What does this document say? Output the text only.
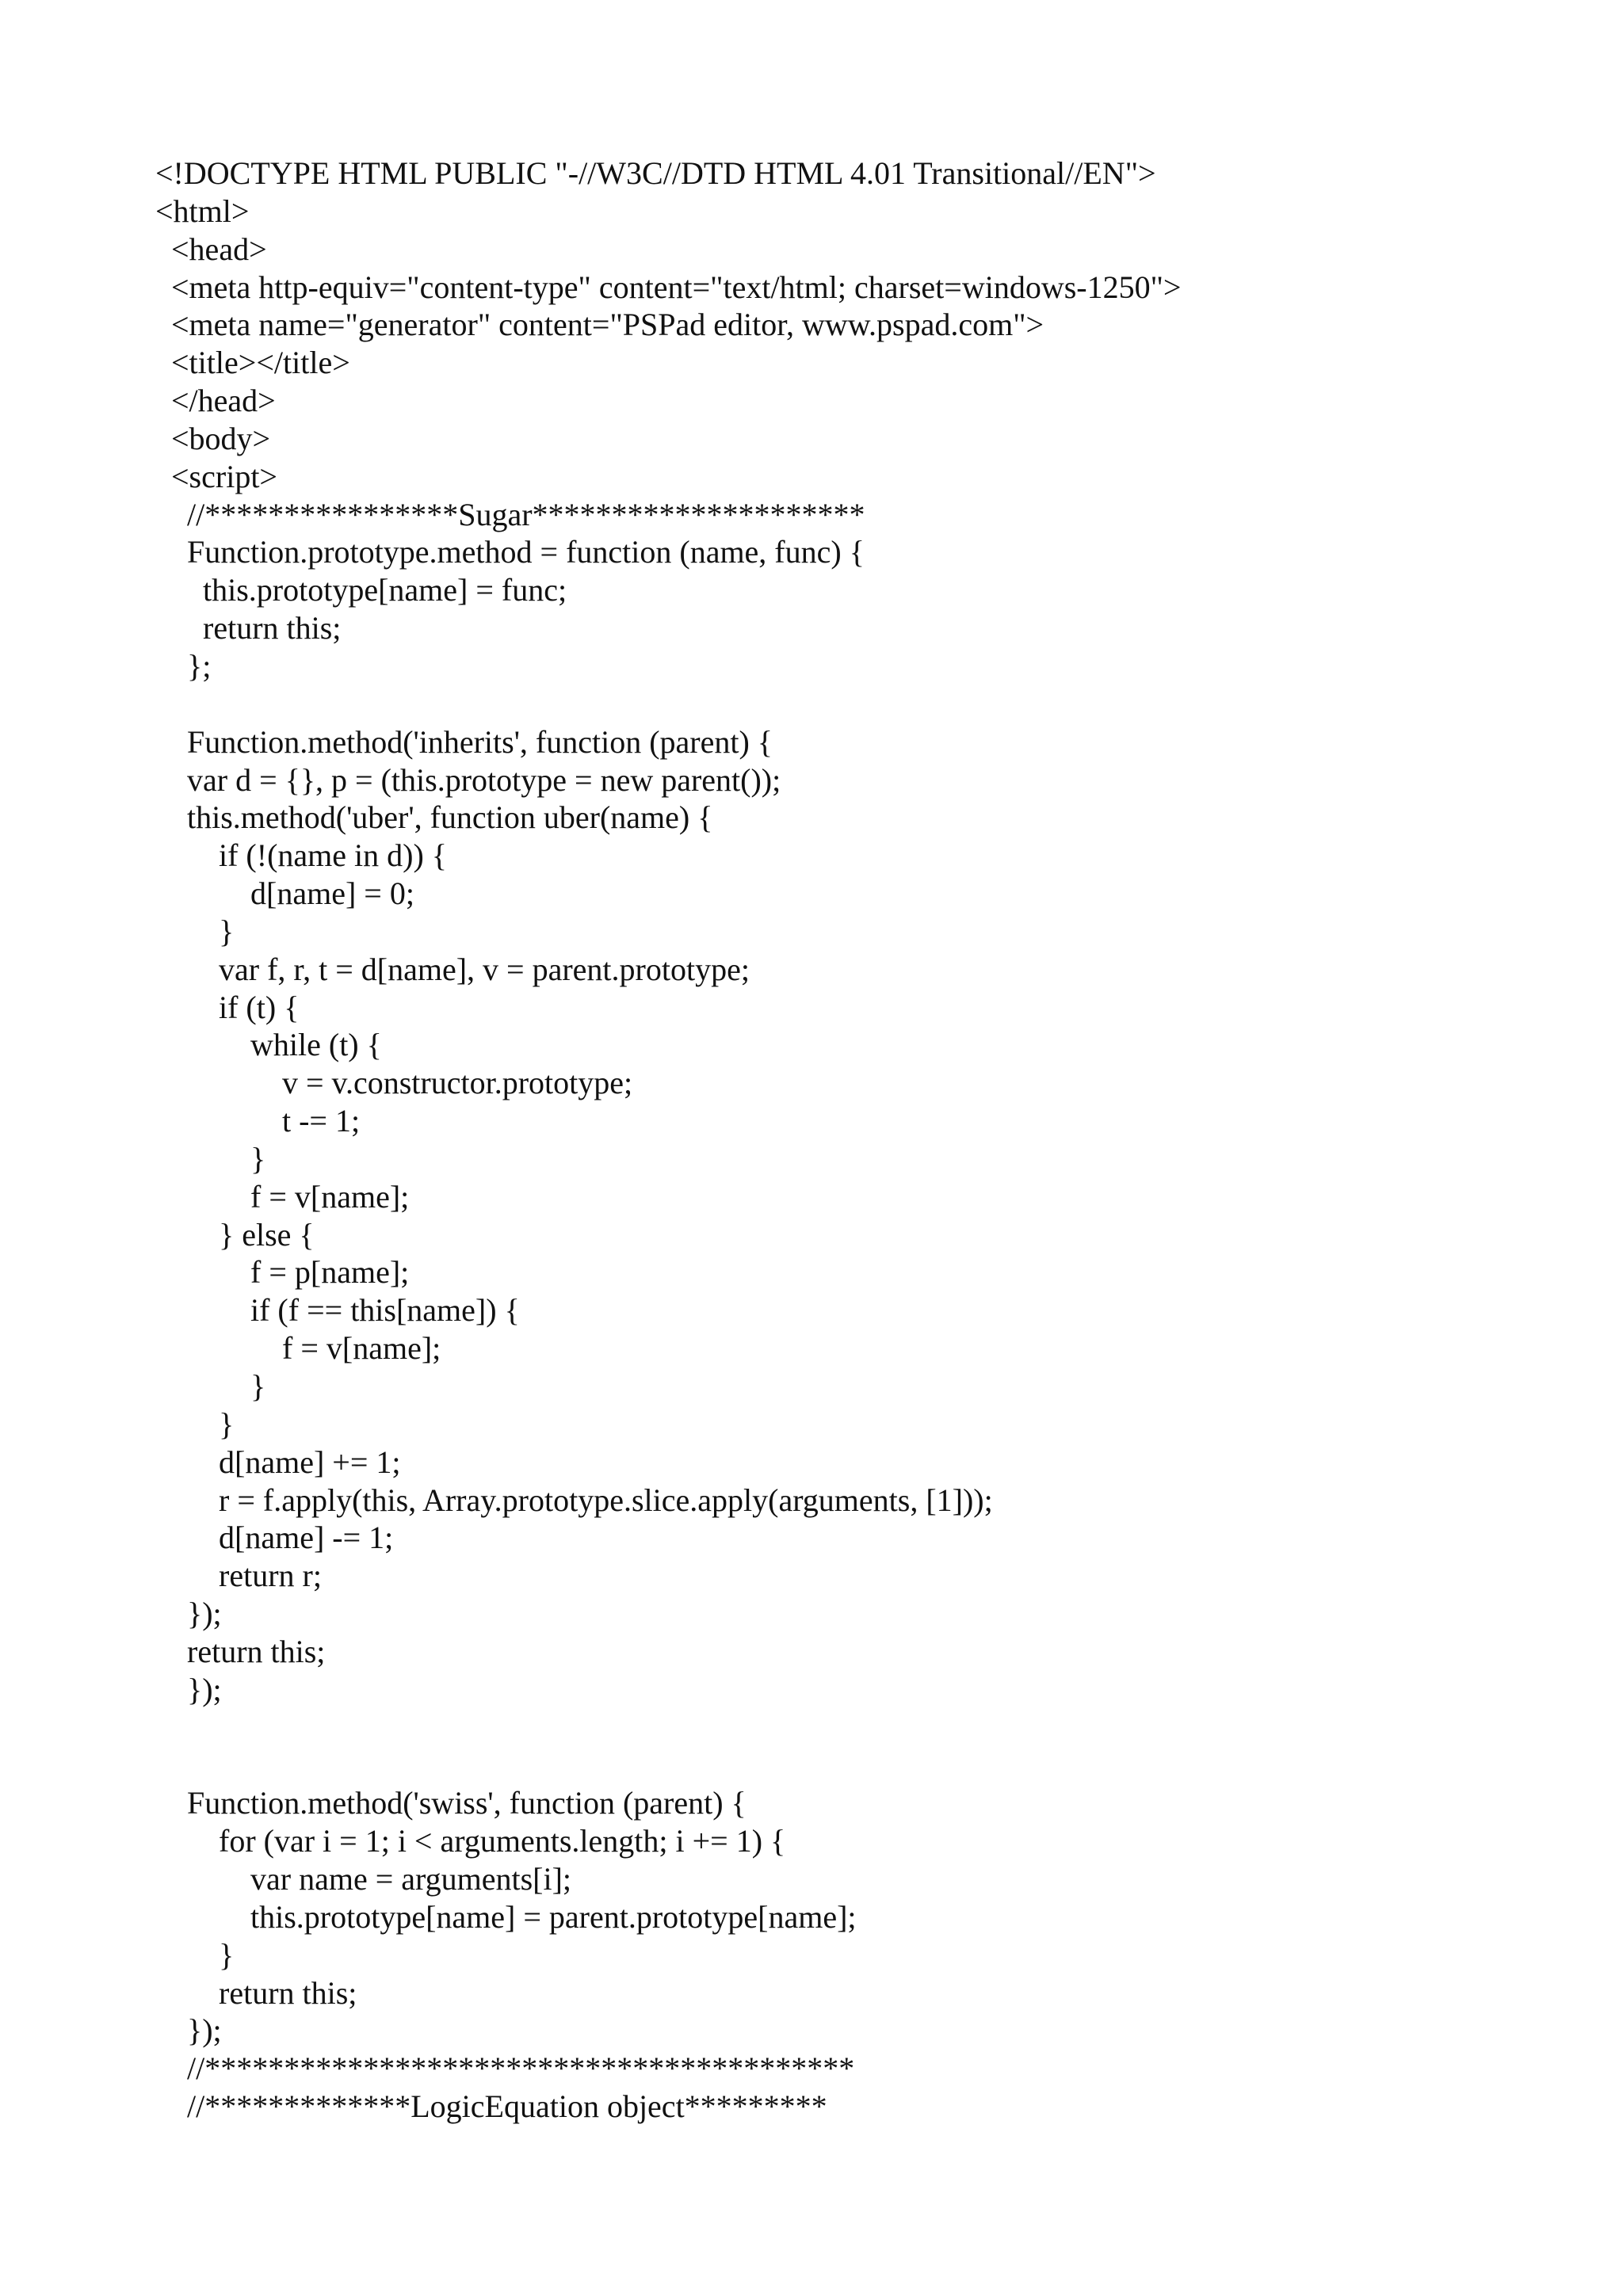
<!DOCTYPE HTML PUBLIC "-//W3C//DTD HTML 4.01 Transitional//EN">
<html>
<head>
<meta http-equiv="content-type" content="text/html; charset=windows-1250">
<meta name="generator" content="PSPad editor, www.pspad.com">
<title></title>
</head>
<body>
<script>
//****************Sugar*********************
Function.prototype.method = function (name, func) {
this.prototype[name] = func;
return this;
};
Function.method('inherits', function (parent) {
var d = {}, p = (this.prototype = new parent());
this.method('uber', function uber(name) {
if (!(name in d)) {
d[name] = 0;
}
var f, r, t = d[name], v = parent.prototype;
if (t) {
while (t) {
v = v.constructor.prototype;
t -= 1;
}
f = v[name];
} else {
f = p[name];
if (f == this[name]) {
f = v[name];
}
}
d[name] += 1;
r = f.apply(this, Array.prototype.slice.apply(arguments, [1]));
d[name] -= 1;
return r;
});
return this;
});
Function.method('swiss', function (parent) {
for (var i = 1; i < arguments.length; i += 1) {
var name = arguments[i];
this.prototype[name] = parent.prototype[name];
}
return this;
});
//*****************************************
//*************LogicEquation object*********
